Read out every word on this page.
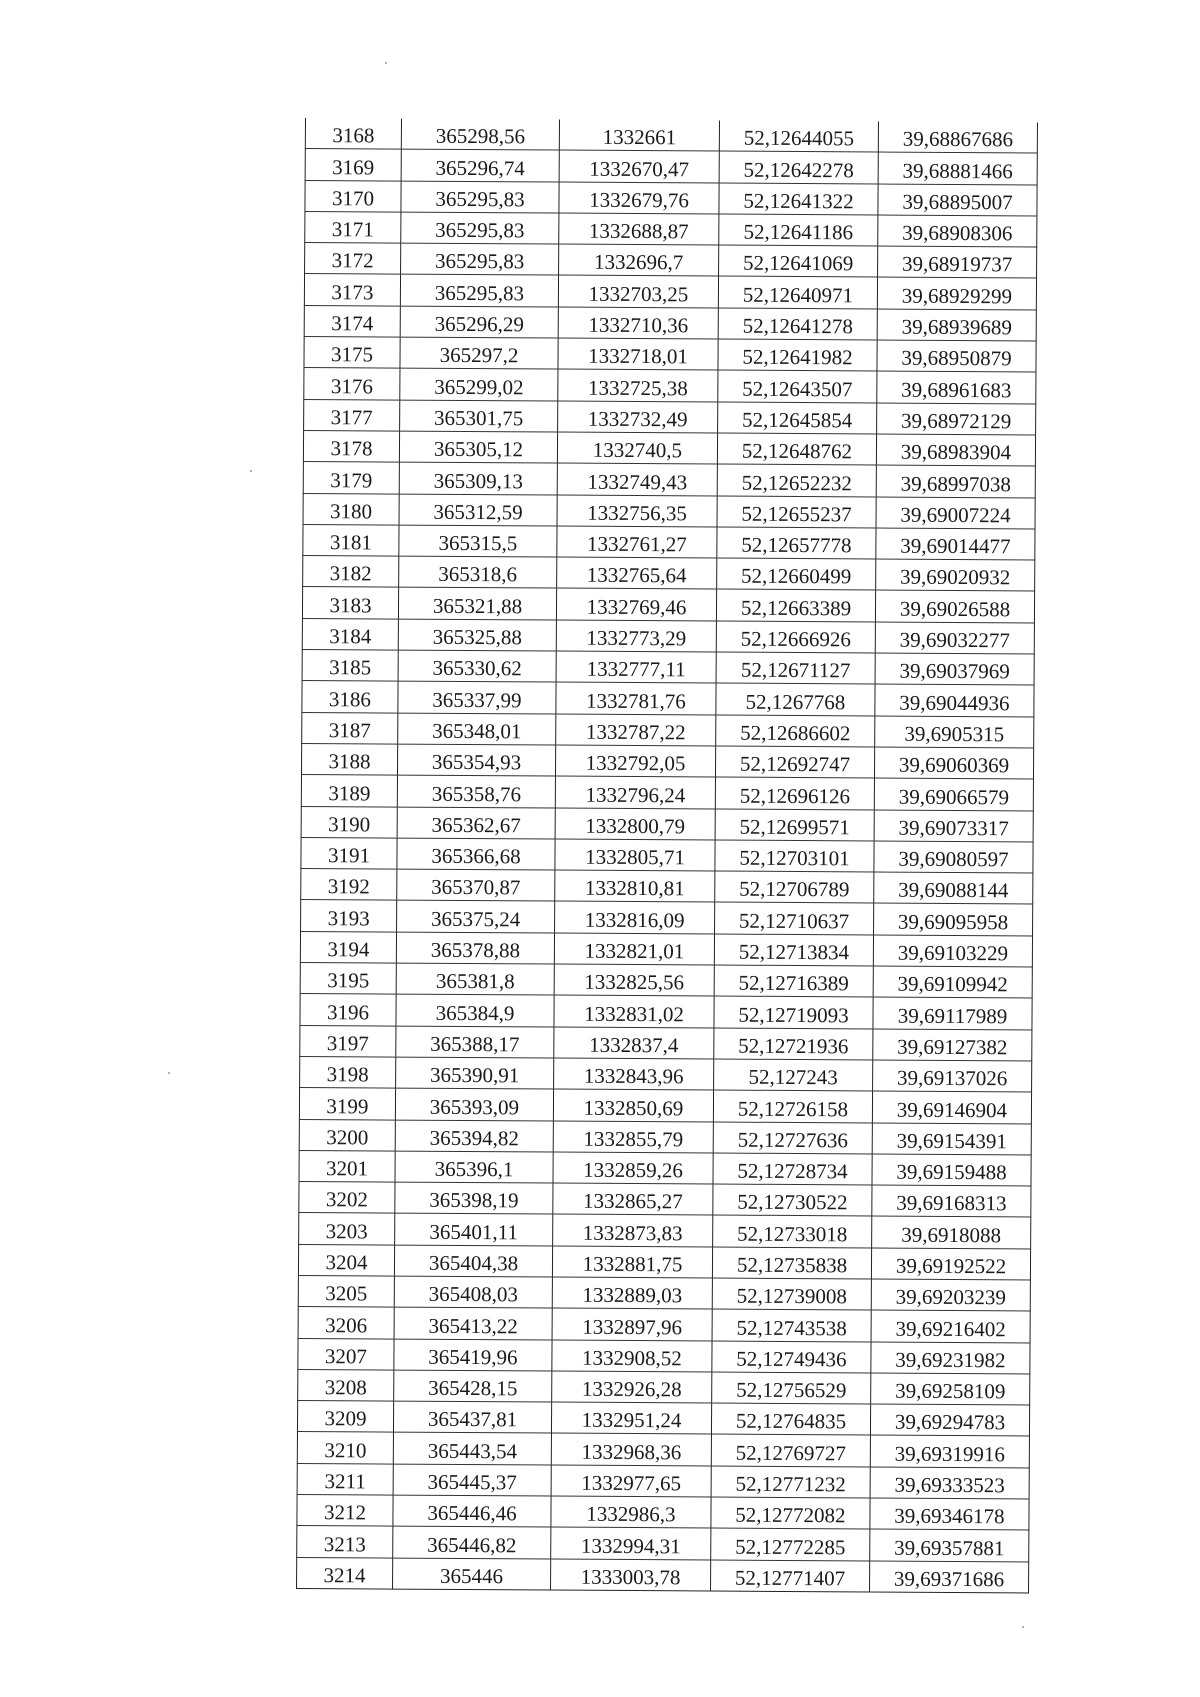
3168	365298,56	1332661	52,12644055	39,68867686
3169	365296,74	1332670,47	52,12642278	39,68881466
3170	365295,83	1332679,76	52,12641322	39,68895007
3171	365295,83	1332688,87	52,12641186	39,68908306
3172	365295,83	1332696,7	52,12641069	39,68919737
3173	365295,83	1332703,25	52,12640971	39,68929299
3174	365296,29	1332710,36	52,12641278	39,68939689
3175	365297,2	1332718,01	52,12641982	39,68950879
3176	365299,02	1332725,38	52,12643507	39,68961683
3177	365301,75	1332732,49	52,12645854	39,68972129
3178	365305,12	1332740,5	52,12648762	39,68983904
3179	365309,13	1332749,43	52,12652232	39,68997038
3180	365312,59	1332756,35	52,12655237	39,69007224
3181	365315,5	1332761,27	52,12657778	39,69014477
3182	365318,6	1332765,64	52,12660499	39,69020932
3183	365321,88	1332769,46	52,12663389	39,69026588
3184	365325,88	1332773,29	52,12666926	39,69032277
3185	365330,62	1332777,11	52,12671127	39,69037969
3186	365337,99	1332781,76	52,1267768	39,69044936
3187	365348,01	1332787,22	52,12686602	39,6905315
3188	365354,93	1332792,05	52,12692747	39,69060369
3189	365358,76	1332796,24	52,12696126	39,69066579
3190	365362,67	1332800,79	52,12699571	39,69073317
3191	365366,68	1332805,71	52,12703101	39,69080597
3192	365370,87	1332810,81	52,12706789	39,69088144
3193	365375,24	1332816,09	52,12710637	39,69095958
3194	365378,88	1332821,01	52,12713834	39,69103229
3195	365381,8	1332825,56	52,12716389	39,69109942
3196	365384,9	1332831,02	52,12719093	39,69117989
3197	365388,17	1332837,4	52,12721936	39,69127382
3198	365390,91	1332843,96	52,127243	39,69137026
3199	365393,09	1332850,69	52,12726158	39,69146904
3200	365394,82	1332855,79	52,12727636	39,69154391
3201	365396,1	1332859,26	52,12728734	39,69159488
3202	365398,19	1332865,27	52,12730522	39,69168313
3203	365401,11	1332873,83	52,12733018	39,6918088
3204	365404,38	1332881,75	52,12735838	39,69192522
3205	365408,03	1332889,03	52,12739008	39,69203239
3206	365413,22	1332897,96	52,12743538	39,69216402
3207	365419,96	1332908,52	52,12749436	39,69231982
3208	365428,15	1332926,28	52,12756529	39,69258109
3209	365437,81	1332951,24	52,12764835	39,69294783
3210	365443,54	1332968,36	52,12769727	39,69319916
3211	365445,37	1332977,65	52,12771232	39,69333523
3212	365446,46	1332986,3	52,12772082	39,69346178
3213	365446,82	1332994,31	52,12772285	39,69357881
3214	365446	1333003,78	52,12771407	39,69371686
